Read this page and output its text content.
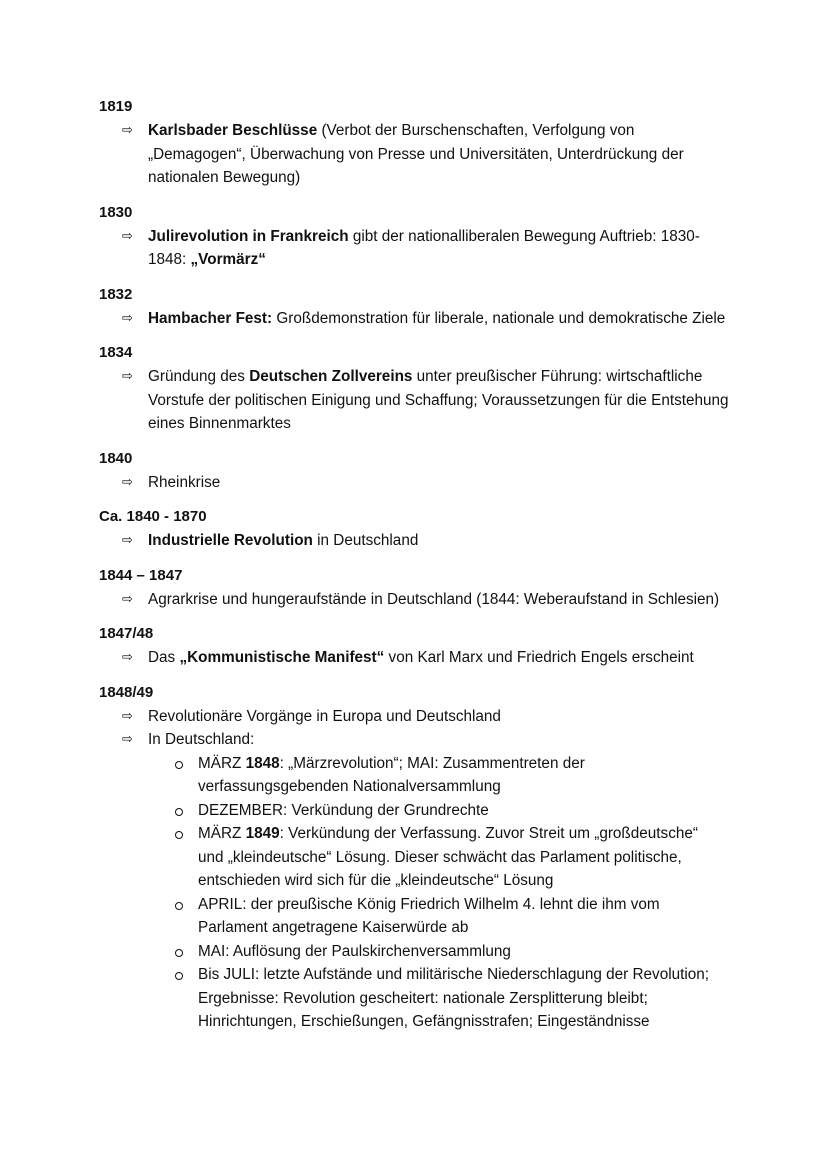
1819
⇨ Karlsbader Beschlüsse (Verbot der Burschenschaften, Verfolgung von „Demagogen“, Überwachung von Presse und Universitäten, Unterdrückung der nationalen Bewegung)
1830
⇨ Julirevolution in Frankreich gibt der nationalliberalen Bewegung Auftrieb: 1830-1848: „Vormärz“
1832
⇨ Hambacher Fest: Großdemonstration für liberale, nationale und demokratische Ziele
1834
⇨ Gründung des Deutschen Zollvereins unter preußischer Führung: wirtschaftliche Vorstufe der politischen Einigung und Schaffung; Voraussetzungen für die Entstehung eines Binnenmarktes
1840
⇨ Rheinkrise
Ca. 1840 - 1870
⇨ Industrielle Revolution in Deutschland
1844 – 1847
⇨ Agrarkrise und hungeraufstände in Deutschland (1844: Weberaufstand in Schlesien)
1847/48
⇨ Das „Kommunistische Manifest“ von Karl Marx und Friedrich Engels erscheint
1848/49
⇨ Revolutionäre Vorgänge in Europa und Deutschland
⇨ In Deutschland:
MÄRZ 1848: „Märzrevolution“; MAI: Zusammentreten der verfassungsgebenden Nationalversammlung
DEZEMBER: Verkündung der Grundrechte
MÄRZ 1849: Verkündung der Verfassung. Zuvor Streit um „großdeutsche“ und „kleindeutsche“ Lösung. Dieser schwächt das Parlament politische, entschieden wird sich für die „kleindeutsche“ Lösung
APRIL: der preußische König Friedrich Wilhelm 4. lehnt die ihm vom Parlament angetragene Kaiserwürde ab
MAI: Auflösung der Paulskirchenversammlung
Bis JULI: letzte Aufstände und militärische Niederschlagung der Revolution; Ergebnisse: Revolution gescheitert: nationale Zersplitterung bleibt; Hinrichtungen, Erschießungen, Gefängnisstrafen; Eingeständnisse
